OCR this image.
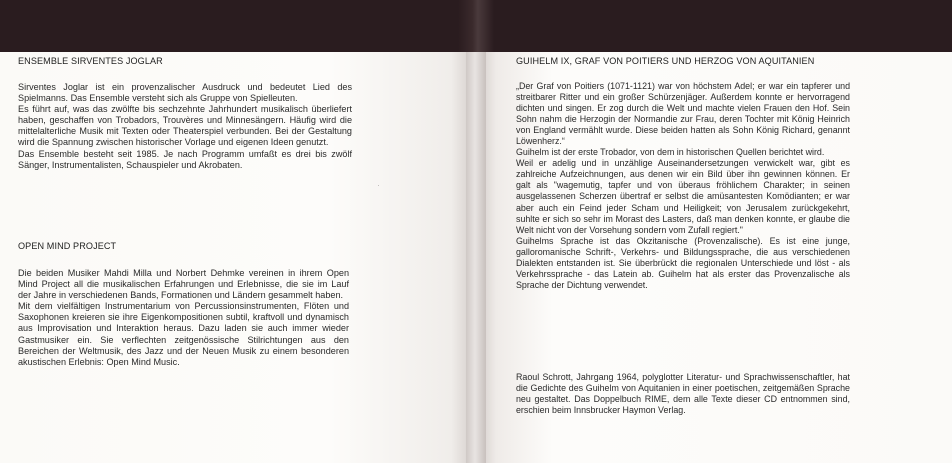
ENSEMBLE SIRVENTES JOGLAR

Sirventes Joglar ist ein provenzalischer Ausdruck und bedeutet Lied des Spielmanns. Das Ensemble versteht sich als Gruppe von Spielleuten.

Es führt auf, was das zwölfte bis sechzehnte Jahrhundert musikalisch überliefert haben, geschaffen von Trobadors, Trouvères und Minnesängern. Häufig wird die mittelalterliche Musik mit Texten oder Theaterspiel verbunden. Bei der Gestaltung wird die Spannung zwischen historischer Vorlage und eigenen Ideen genutzt.

Das Ensemble besteht seit 1985. Je nach Programm umfaßt es drei bis zwölf Sänger, Instrumentalisten, Schauspieler und Akrobaten.

·
OPEN MIND PROJECT

Die beiden Musiker Mahdi Milla und Norbert Dehmke vereinen in ihrem Open Mind Project all die musikalischen Erfahrungen und Erlebnisse, die sie im Lauf der Jahre in verschiedenen Bands, Formationen und Ländern gesammelt haben.

Mit dem vielfältigen Instrumentarium von Percussionsinstrumenten, Flöten und Saxophonen kreieren sie ihre Eigenkompositionen subtil, kraftvoll und dynamisch aus Improvisation und Interaktion heraus. Dazu laden sie auch immer wieder Gastmusiker ein. Sie verflechten zeitgenössische Stilrichtungen aus den Bereichen der Weltmusik, des Jazz und der Neuen Musik zu einem besonderen akustischen Erlebnis: Open Mind Music.

GUIHELM IX, GRAF VON POITIERS UND HERZOG VON AQUITANIEN

„Der Graf von Poitiers (1071-1121) war von höchstem Adel; er war ein tapferer und streitbarer Ritter und ein großer Schürzenjäger. Außerdem konnte er hervorragend dichten und singen. Er zog durch die Welt und machte vielen Frauen den Hof. Sein Sohn nahm die Herzogin der Normandie zur Frau, deren Tochter mit König Heinrich von England vermählt wurde. Diese beiden hatten als Sohn König Richard, genannt Löwenherz.“

Guihelm ist der erste Trobador, von dem in historischen Quellen berichtet wird.

Weil er adelig und in unzählige Auseinandersetzungen verwickelt war, gibt es zahlreiche Aufzeichnungen, aus denen wir ein Bild über ihn gewinnen können. Er galt als "wagemutig, tapfer und von überaus fröhlichem Charakter; in seinen ausgelassenen Scherzen übertraf er selbst die amüsantesten Komödianten; er war aber auch ein Feind jeder Scham und Heiligkeit; von Jerusalem zurückgekehrt, suhlte er sich so sehr im Morast des Lasters, daß man denken konnte, er glaube die Welt nicht von der Vorsehung sondern vom Zufall regiert."

Guihelms Sprache ist das Okzitanische (Provenzalische). Es ist eine junge, galloromanische Schrift-, Verkehrs- und Bildungssprache, die aus verschiedenen Dialekten entstanden ist. Sie überbrückt die regionalen Unterschiede und löst - als Verkehrssprache - das Latein ab. Guihelm hat als erster das Provenzalische als Sprache der Dichtung verwendet.

Raoul Schrott, Jahrgang 1964, polyglotter Literatur- und Sprachwissenschaftler, hat die Gedichte des Guihelm von Aquitanien in einer poetischen, zeitgemäßen Sprache neu gestaltet. Das Doppelbuch RIME, dem alle Texte dieser CD entnommen sind, erschien beim Innsbrucker Haymon Verlag.
